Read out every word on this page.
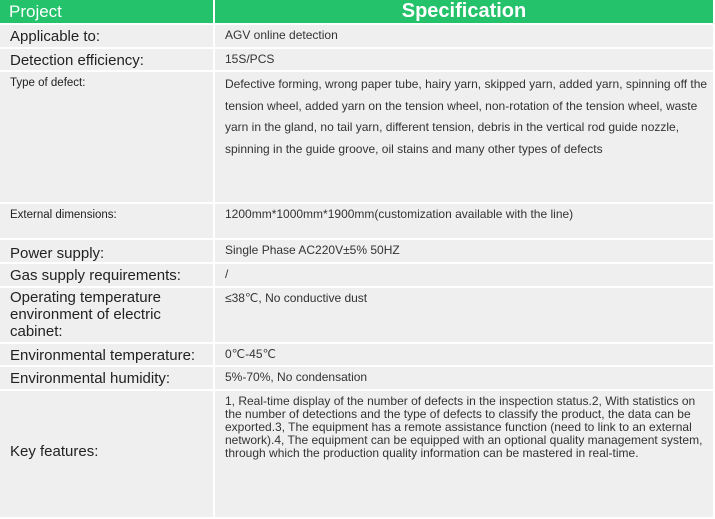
Project	Specification
Applicable to:	AGV online detection
Detection efficiency:	15S/PCS
Type of defect:	Defective forming, wrong paper tube, hairy yarn, skipped yarn, added yarn, spinning off the tension wheel, added yarn on the tension wheel, non-rotation of the tension wheel, waste yarn in the gland, no tail yarn, different tension, debris in the vertical rod guide nozzle, spinning in the guide groove, oil stains and many other types of defects
External dimensions:	1200mm*1000mm*1900mm(customization available with the line)
Power supply:	Single Phase AC220V±5% 50HZ
Gas supply requirements:	/
Operating temperature environment of electric cabinet:	≤38℃, No conductive dust
Environmental temperature:	0℃-45℃
Environmental humidity:	5%-70%, No condensation
Key features:	1, Real-time display of the number of defects in the inspection status.2, With statistics on the number of detections and the type of defects to classify the product, the data can be exported.3, The equipment has a remote assistance function (need to link to an external network).4, The equipment can be equipped with an optional quality management system, through which the production quality information can be mastered in real-time.
